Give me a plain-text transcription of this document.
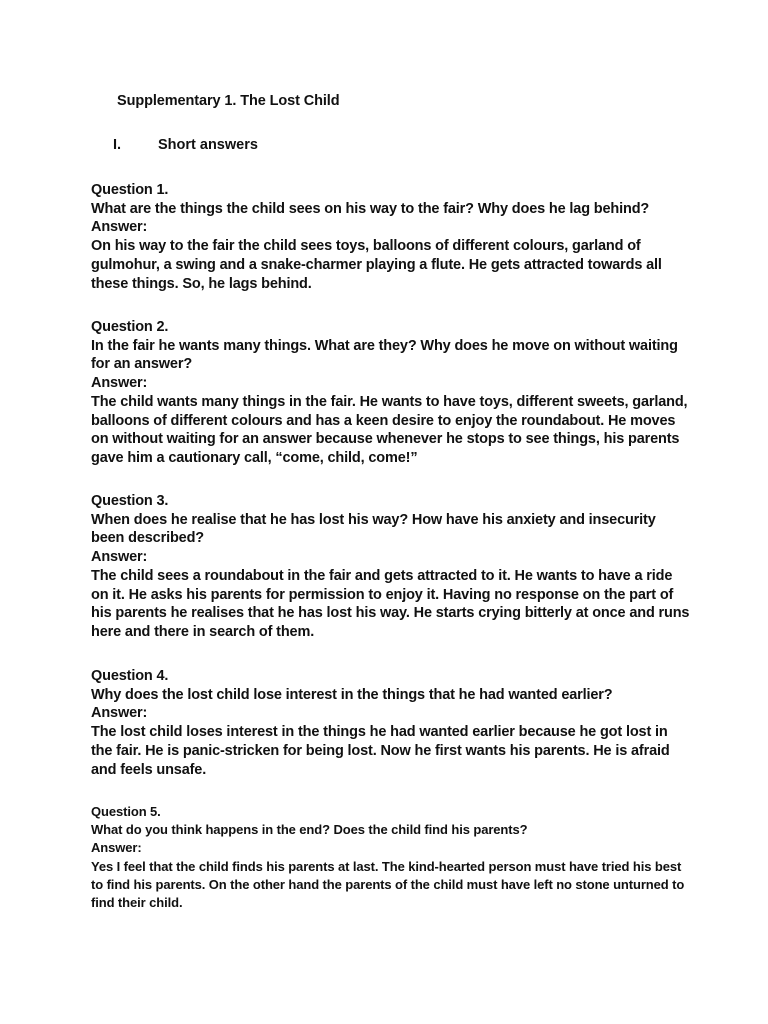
Supplementary 1. The Lost Child
I.	Short answers

Question 1.

What are the things the child sees on his way to the fair? Why does he lag behind?

Answer:

On his way to the fair the child sees toys, balloons of different colours, garland of gulmohur, a swing and a snake-charmer playing a flute. He gets attracted towards all these things. So, he lags behind.

Question 2.

In the fair he wants many things. What are they? Why does he move on without waiting for an answer?

Answer:

The child wants many things in the fair. He wants to have toys, different sweets, garland, balloons of different colours and has a keen desire to enjoy the roundabout. He moves on without waiting for an answer because whenever he stops to see things, his parents gave him a cautionary call, “come, child, come!”

Question 3.

When does he realise that he has lost his way? How have his anxiety and insecurity been described?

Answer:

The child sees a roundabout in the fair and gets attracted to it. He wants to have a ride on it. He asks his parents for permission to enjoy it. Having no response on the part of his parents he realises that he has lost his way. He starts crying bitterly at once and runs here and there in search of them.

Question 4.

Why does the lost child lose interest in the things that he had wanted earlier?

Answer:

The lost child loses interest in the things he had wanted earlier because he got lost in the fair. He is panic-stricken for being lost. Now he first wants his parents. He is afraid and feels unsafe.

Question 5.

What do you think happens in the end? Does the child find his parents?

Answer:

Yes I feel that the child finds his parents at last. The kind-hearted person must have tried his best to find his parents. On the other hand the parents of the child must have left no stone unturned to find their child.
